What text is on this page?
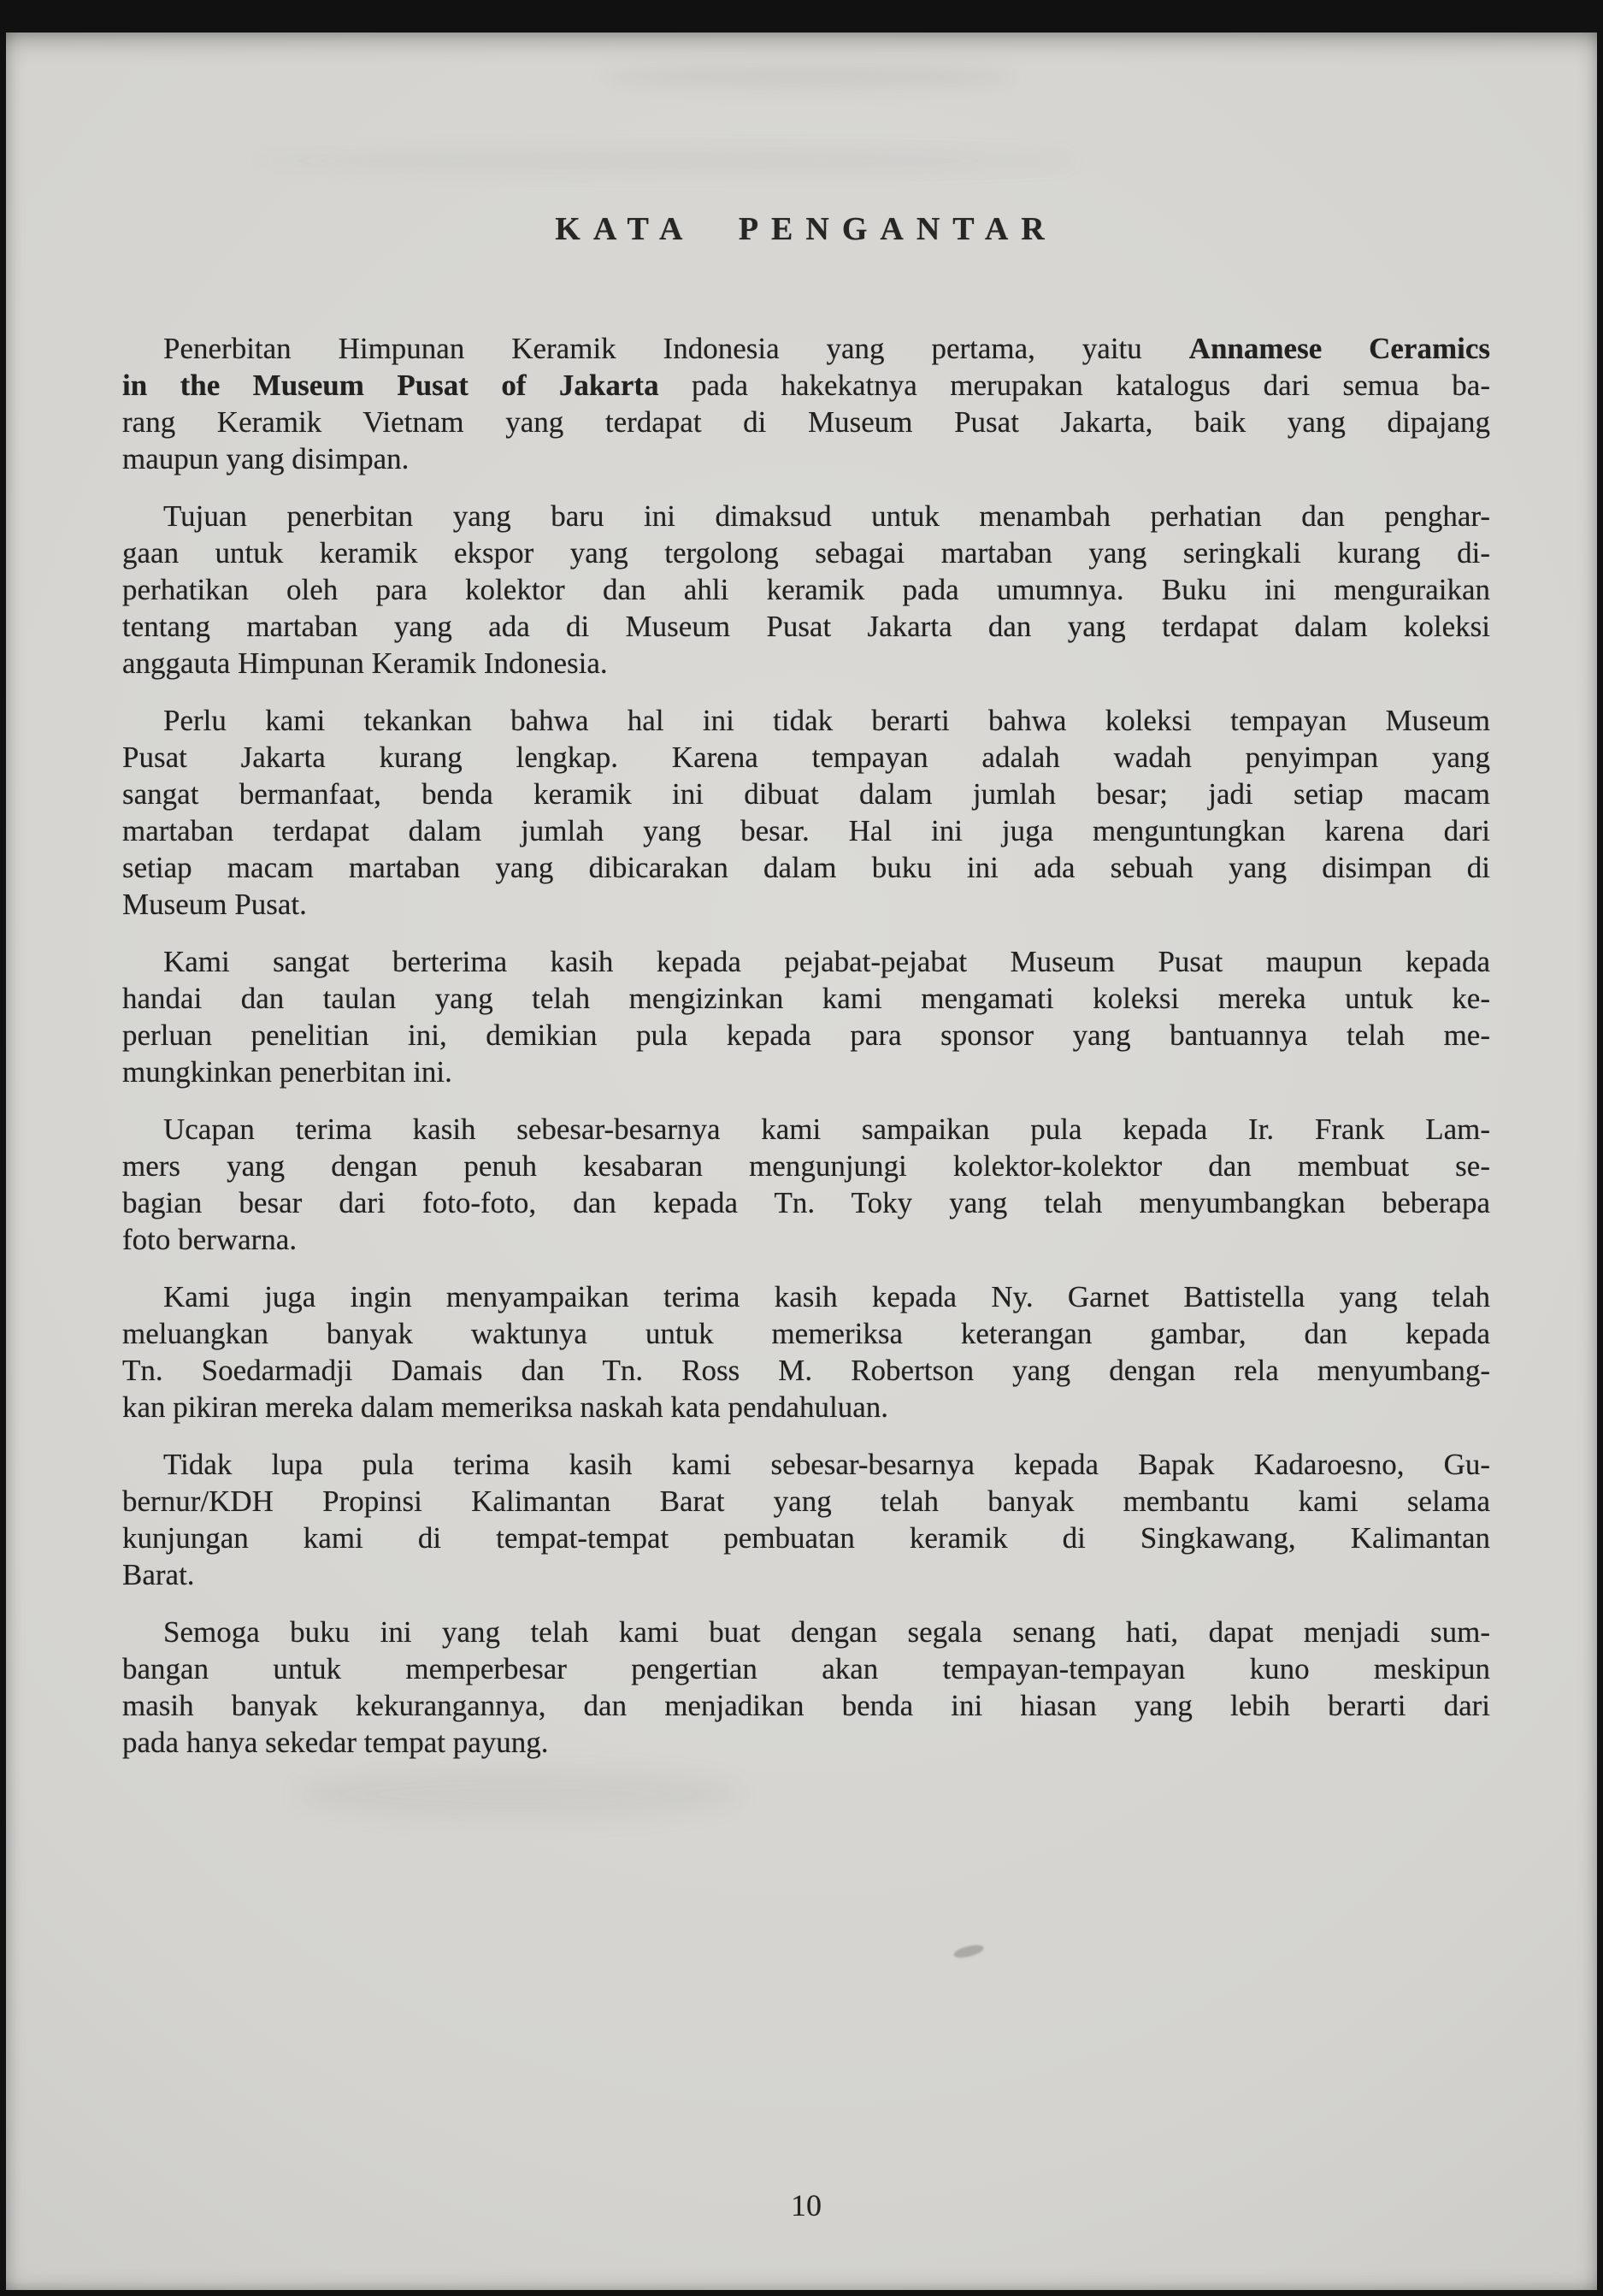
KATA PENGANTAR
Penerbitan Himpunan Keramik Indonesia yang pertama, yaitu Annamese Ceramics
in the Museum Pusat of Jakarta pada hakekatnya merupakan katalogus dari semua ba-
rang Keramik Vietnam yang terdapat di Museum Pusat Jakarta, baik yang dipajang
maupun yang disimpan.
Tujuan penerbitan yang baru ini dimaksud untuk menambah perhatian dan penghar-
gaan untuk keramik ekspor yang tergolong sebagai martaban yang seringkali kurang di-
perhatikan oleh para kolektor dan ahli keramik pada umumnya. Buku ini menguraikan
tentang martaban yang ada di Museum Pusat Jakarta dan yang terdapat dalam koleksi
anggauta Himpunan Keramik Indonesia.
Perlu kami tekankan bahwa hal ini tidak berarti bahwa koleksi tempayan Museum
Pusat Jakarta kurang lengkap. Karena tempayan adalah wadah penyimpan yang
sangat bermanfaat, benda keramik ini dibuat dalam jumlah besar; jadi setiap macam
martaban terdapat dalam jumlah yang besar. Hal ini juga menguntungkan karena dari
setiap macam martaban yang dibicarakan dalam buku ini ada sebuah yang disimpan di
Museum Pusat.
Kami sangat berterima kasih kepada pejabat-pejabat Museum Pusat maupun kepada
handai dan taulan yang telah mengizinkan kami mengamati koleksi mereka untuk ke-
perluan penelitian ini, demikian pula kepada para sponsor yang bantuannya telah me-
mungkinkan penerbitan ini.
Ucapan terima kasih sebesar-besarnya kami sampaikan pula kepada Ir. Frank Lam-
mers yang dengan penuh kesabaran mengunjungi kolektor-kolektor dan membuat se-
bagian besar dari foto-foto, dan kepada Tn. Toky yang telah menyumbangkan beberapa
foto berwarna.
Kami juga ingin menyampaikan terima kasih kepada Ny. Garnet Battistella yang telah
meluangkan banyak waktunya untuk memeriksa keterangan gambar, dan kepada
Tn. Soedarmadji Damais dan Tn. Ross M. Robertson yang dengan rela menyumbang-
kan pikiran mereka dalam memeriksa naskah kata pendahuluan.
Tidak lupa pula terima kasih kami sebesar-besarnya kepada Bapak Kadaroesno, Gu-
bernur/KDH Propinsi Kalimantan Barat yang telah banyak membantu kami selama
kunjungan kami di tempat-tempat pembuatan keramik di Singkawang, Kalimantan
Barat.
Semoga buku ini yang telah kami buat dengan segala senang hati, dapat menjadi sum-
bangan untuk memperbesar pengertian akan tempayan-tempayan kuno meskipun
masih banyak kekurangannya, dan menjadikan benda ini hiasan yang lebih berarti dari
pada hanya sekedar tempat payung.
10
